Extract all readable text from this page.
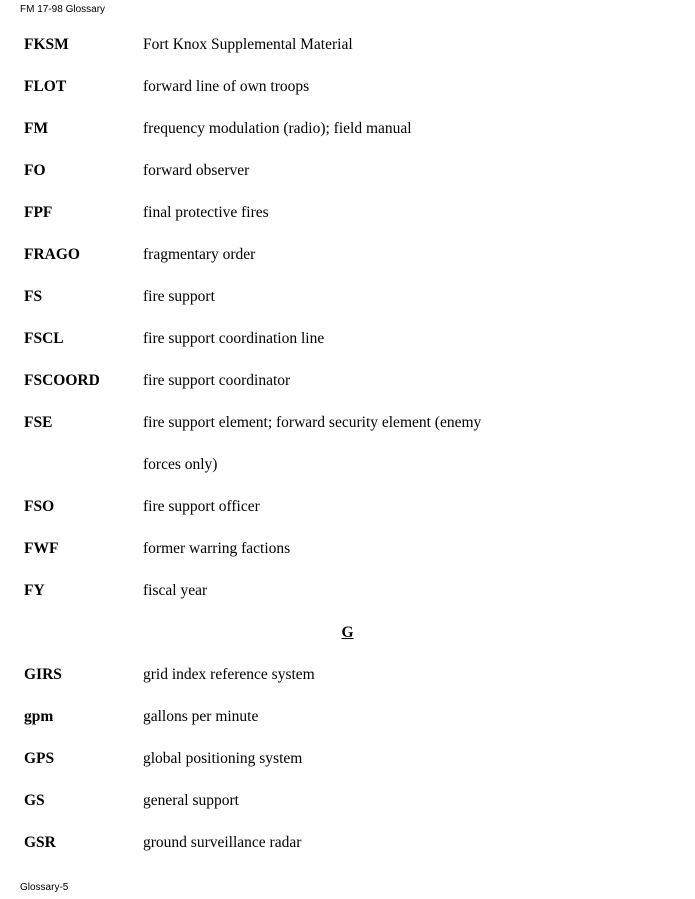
FM 17-98 Glossary
FKSM	Fort Knox Supplemental Material
FLOT	forward line of own troops
FM	frequency modulation (radio); field manual
FO	forward observer
FPF	final protective fires
FRAGO	fragmentary order
FS	fire support
FSCL	fire support coordination line
FSCOORD	fire support coordinator
FSE	fire support element; forward security element (enemy
forces only)
FSO	fire support officer
FWF	former warring factions
FY	fiscal year
G
GIRS	grid index reference system
gpm	gallons per minute
GPS	global positioning system
GS	general support
GSR	ground surveillance radar
Glossary-5
